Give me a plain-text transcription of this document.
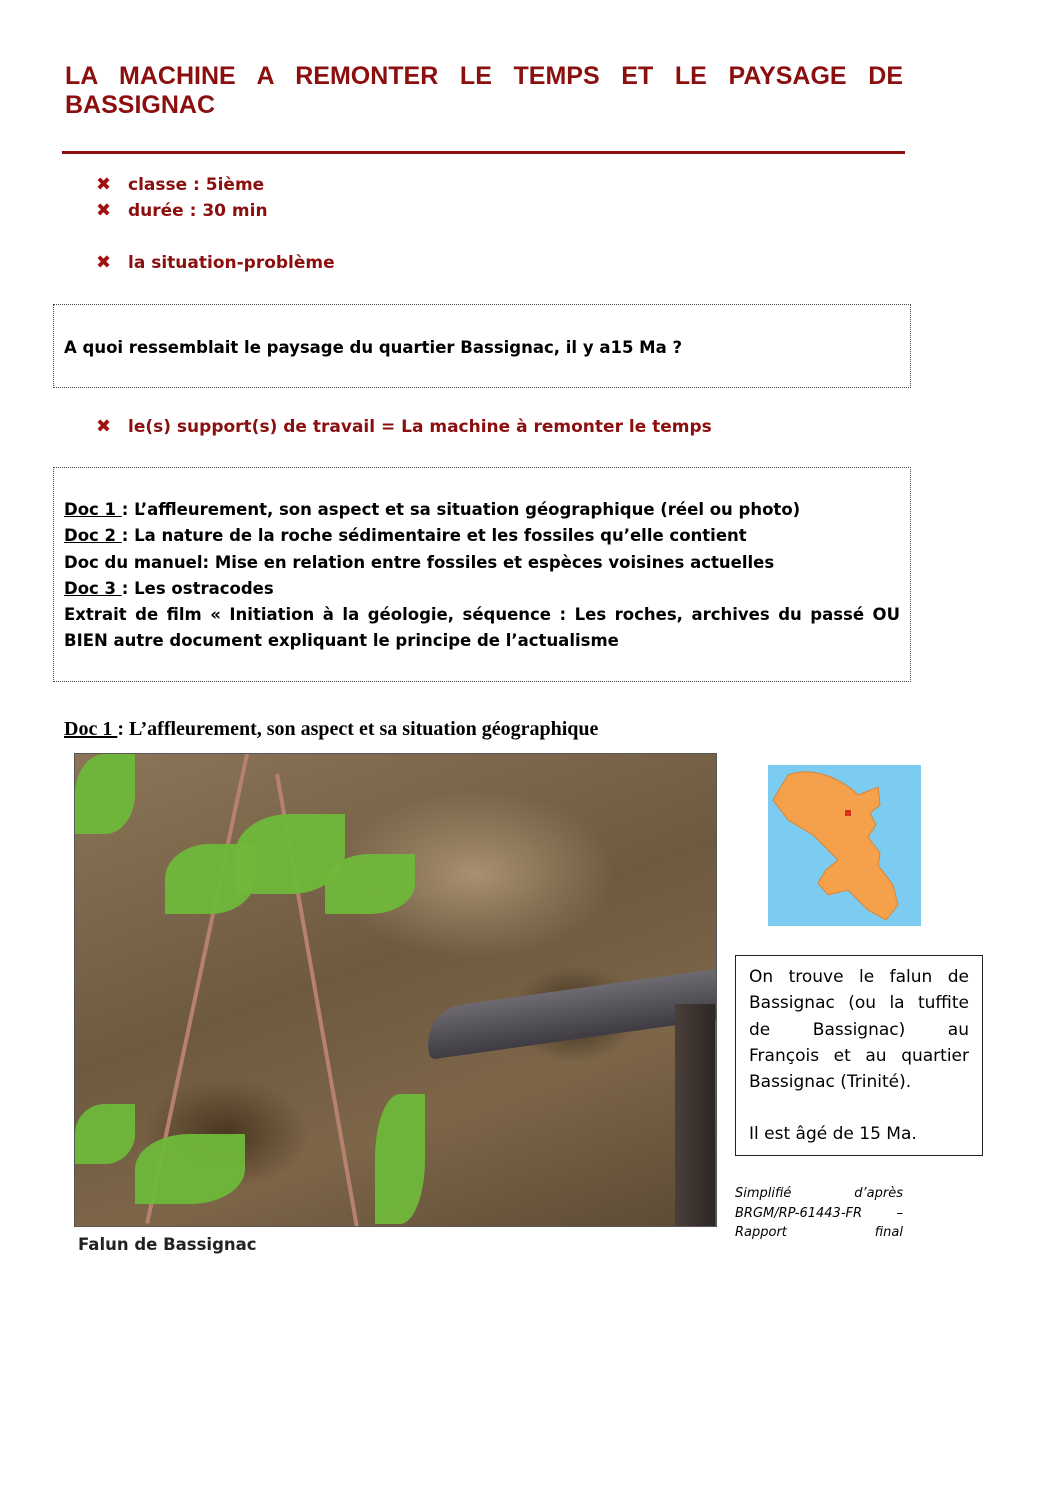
LA MACHINE A REMONTER LE TEMPS ET LE PAYSAGE DE BASSIGNAC
✖ classe : 5ième
✖ durée : 30 min
✖ la situation-problème

A quoi ressemblait le paysage du quartier Bassignac, il y a15 Ma ?

✖ le(s) support(s) de travail = La machine à remonter le temps

Doc 1 : L’affleurement, son aspect et sa situation géographique (réel ou photo)

Doc 2 : La nature de la roche sédimentaire et les fossiles qu’elle contient

Doc du manuel: Mise en relation entre fossiles et espèces voisines actuelles

Doc 3 : Les ostracodes

Extrait de film « Initiation à la géologie, séquence : Les roches, archives du passé OU BIEN autre document expliquant le principe de l’actualisme

Doc 1 : L’affleurement, son aspect et sa situation géographique
Falun de Bassignac

On trouve le falun de Bassignac (ou la tuffite de Bassignac) au François et au quartier Bassignac (Trinité).

Il est âgé de 15 Ma.

Simplifié d’après BRGM/RP-61443-FR – Rapport final
